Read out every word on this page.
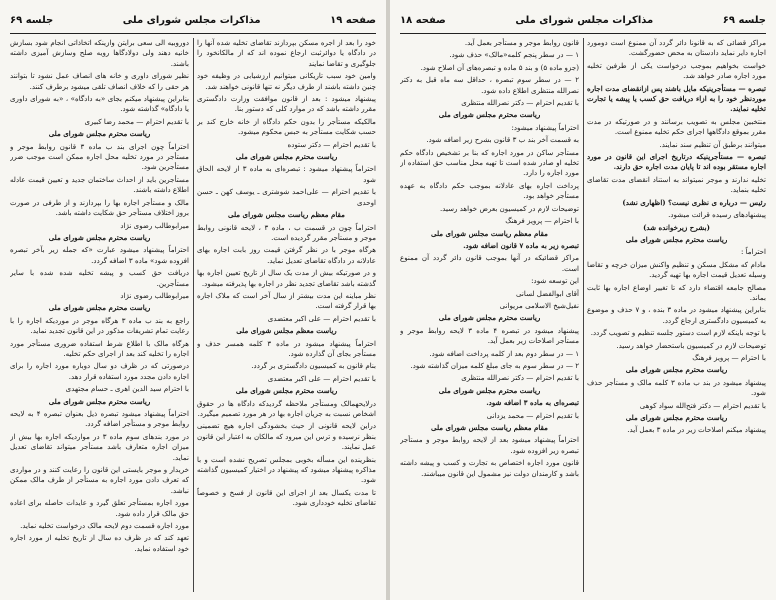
صفحه ۱۹
مذاکرات مجلس شورای ملی
جلسه ۶۹

خود را بعد از اجره مسکن بپردازند تقاضای تخلیه شده آنها را در دادگاه یا دوائرثبت ارجاع نموده اند که از مالکانخود را جلوگیری و تقاضا نمایند

وامین خود سبب تاریکانی میتوانیم ارزشیابی در وظیفه خود چنین داشته باشند از طرف دیگر نه تنها قانونی خواهند شد.

پیشنهاد میشود : بعد از قانون موافقت وزارت دادگستری مقرر داشته باشد که در موارد کلی که دستور بنا.

مالکیکه مستأجر را بدون حکم دادگاه از خانه خارج کند بر حسب شکایت مستأجر به حبس محکوم میشود.

با تقدیم احترام — دکتر ستوده

ریاست محترم مجلس شورای ملی

احتراماً پیشنهاد میشود : تبصره‌ای به ماده ۳ از لایحه الحاق شود

با تقدیم احترام — علی‌احمد شوشتری ـ یوسف کهن ـ حسن اوحدی

مقام معظم ریاست مجلس شورای ملی

احتراماً چون در قسمت ب ، ماده ۳ ، لایحه قانونی روابط موجر و مستأجر مقرر گردیده است.

هرگاه موجر با در نظر گرفتن قیمت روز بابت اجاره بهای عادلانه در دادگاه تقاضای تعدیل نماید.

و در صورتیکه بیش از مدت یک سال از تاریخ تعیین اجاره بها گذشته باشد تقاضای تجدید نظر در اجاره بها پذیرفته میشود.

نظر مباینه این مدت بیشتر از سال آخر است که ملاک اجاره بها قرار گرفته است.

با تقدیم احترام — علی اکبر معتضدی

ریاست معظم مجلس شورای ملی

احتراماً پیشنهاد میشود در ماده ۳ کلمه همسر حذف و مستأجر بجای آن گذارده شود.

بنام قانون به کمیسیون دادگستری بر گردد.

با تقدیم احترام — علی اکبر معتضدی

ریاست محترم مجلس شورای ملی

درلایحهمالک ومستأجر ملاحظه گردیدکه دادگاه ها در حقوق اشخاص نسبت به جریان اجاره بها در هر مورد تصمیم میگیرد.

دراین لایحه قانونی از حیث بخشودگی اجاره هیچ تضمینی بنظر نرسیده و ترس این میرود که مالکان به اعتبار این قانون عمل نمایند.

بنظرینده این مسأله بخوبی بمجلس تصریح نشده است و با مذاکره پیشنهاد میشود که پیشنهاد در اختیار کمیسیون گذاشته شود.

تا مدت یکسال بعد از اجرای این قانون از فسخ و خصوصاً تقاضای تخلیه خودداری شود.

دوروبیه الی سعی برایتن وازینکه اتخاذاتی انجام شود بسازش خانیه دهند ولی دولادگاها رویه صلح وسازش آمیزی داشته باشند.

نظیر شورای داوری و خانه های انصاف عمل نشود تا بتوانند هر حقی را که خلاف انصاف تلقی میشود برطرف کنند.

بنابراین پیشنهاد میکنم بجای «به دادگاه» ، «به شورای داوری یا دادگاه» گذاشته شود.

با تقدیم احترام — محمد رضا کبیری

ریاست محترم مجلس شورای ملی

احتراماً چون اجرای بند ب ماده ۳ قانون روابط موجر و مستأجر در مورد تخلیه محل اجاره ممکن است موجب ضرر مستأجرین شود.

مستأجرین باید از احداث ساختمان جدید و تعیین قیمت عادله اطلاع داشته باشند.

مالک و مستأجر اجاره بها را بپردازند و از طرفی در صورت بروز اختلاف مستأجر حق شکایت داشته باشد.

میرابوطالب رضوی نژاد

ریاست محترم مجلس شورای ملی

احتراماً پیشنهاد میشود عبارت «که جمله زیر بآخر تبصره افزوده شود» ماده ۳ اضافه گردد.

دریافت حق کسب و پیشه تخلیه شده شده با سایر مستأجرین.

میرابوطالب رضوی نژاد

ریاست محترم مجلس شورای ملی

راجع به بند ب ماده ۳ هرگاه موجر در موردیکه اجاره را با رعایت تمام تشریفات مذکور در این قانون تجدید نماید.

هرگاه مالک با اطلاع شرط استفاده ضروری مستأجر مورد اجاره را تخلیه کند بعد از اجرای حکم تخلیه.

درصورتی که در ظرف دو سال دوباره مورد اجاره را برای اجاره دادن مجدد مورد استفاده قرار دهد.

با احترام سید الدین اهری ـ حسام مجتهدی

ریاست محترم مجلس شورای ملی

احتراماً پیشنهاد میشود تبصره ذیل بعنوان تبصره ۴ به لایحه روابط موجر و مستأجر اضافه گردد.

در مورد بندهای سوم ماده ۳ در مواردیکه اجاره بها بیش از میزان اجاره متعارف باشد مستأجر میتواند تقاضای تعدیل نماید.

خریدار و موجر بایستی این قانون را رعایت کنند و در مواردی که تعرف دادن مورد اجاره به مستأجر از طرف مالک ممکن نباشد.

مورد اجاره بمستأجر تعلق گیرد و عایدات حاصله برای اعاده حق مالک قرار داده شود.

مورد اجاره قسمت دوم لایحه مالک درخواست تخلیه نماید.

تعهد کند که در ظرف ده سال از تاریخ تخلیه از مورد اجاره خود استفاده نماید.

جلسه ۶۹
مذاکرات مجلس شورای ملی
صفحه ۱۸

مراکز قضائی که به قانونا دائر گردد آن ممنوع است دومورد اجاره دایر نماید دادستان به محض حضورگشت.

خواست بخواهیم بموجب درخواست یکی از طرفین تخلیه مورد اجاره صادر خواهد شد.

تبصره — مستأجرینیکه مایل باشند پس ازانقضای مدت اجاره موردنظر خود را به ازاء دریافت حق کسب یا پیشه یا تجارت تخلیه نمایند.

منتخبین مجلس به تصویب برسانند و در صورتیکه در مدت مقرر بموقع دادگاهها اجرای حکم تخلیه ممنوع است.

میتوانند برطبق آن تنظیم سند نمایند.

تبصره — مستأجرینیکه درتاریخ اجرای این قانون در مورد اجاره مستقر بوده اند تا پایان مدت اجاره حق دارند.

تخلیه ندارند و موجر نمیتواند به استناد انقضای مدت تقاضای تخلیه بنماید.

رئیس — درباره ی نظری نیست؟ (اظهاری نشد)

پیشنهادهای رسیده قرائت میشود.

(بشرح زیرخوانده شد)

ریاست محترم مجلس شورای ملی

احتراماً :

مادام که مشکل مسکن و تنظیم واکنش میزان خرچه و تقاضا وسیله تعدیل قیمت اجاره بها تهیه گردید.

مصالح جامعه اقتضاء دارد که تا تغییر اوضاع اجاره بها ثابت بماند.

بنابراین پیشنهاد میشود در ماده ۳ بنده ، و ۷ حذف و موضوع به کمیسیون دادگستری ارجاع گردد.

با توجه باینکه لازم است دستور جلسه تنظیم و تصویب گردد.

توضیحات لازم در کمیسیون باستحضار خواهد رسید.

با احترام — پرویز فرهنگ

ریاست محترم مجلس شورای ملی

پیشنهاد میشود در بند ب ماده ۳ کلمه مالک و مستأجر حذف شود.

با تقدیم احترام — دکتر فتح‌الله سواد کوهی

ریاست محترم مجلس شورای ملی

پیشنهاد میکنم اصلاحات زیر در ماده ۳ بعمل آید.

قانون روابط موجر و مستأجر بعمل آید.

۱ — در سطر پنجم کلمه«مالک» حذف شود.

(جزو ماده ۵) و بند ۵ ماده و تبصره‌های آن اصلاح شود.

۲ — در سطر سوم تبصره ، حداقل سه ماه قبل به دکتر نصرالله منتظری اطلاع داده شود.

با تقدیم احترام — دکتر نصرالله منتظری

ریاست محترم مجلس شورای ملی

احتراماً پیشنهاد میشود:

به قسمت آخر بند ب ۳ قانون بشرح زیر اضافه شود.

مستأجر ساکن در مورد اجاره که بنا بر تشخیص دادگاه حکم تخلیه او صادر شده است تا تهیه محل مناسب حق استفاده از مورد اجاره را دارد.

پرداخت اجاره بهای عادلانه بموجب حکم دادگاه به عهده مستأجر خواهد بود.

توضیحات لازم در کمیسیون بعرض خواهد رسید.

با احترام — پرویز فرهنگ

مقام معظم ریاست مجلس شورای ملی

تبصره زیر به ماده ۷ قانون اضافه شود.

مراکز قضائیکه در آنها بموجب قانون دائر گردد آن ممنوع است.

این توسعه شود:

آقای ابوالفضل لسانی

نفیل‌شیخ الاسلامی مریوانی

ریاست محترم مجلس شورای ملی

پیشنهاد میشود در تبصره ۴ ماده ۳ لایحه روابط موجر و مستأجر اصلاحات زیر بعمل آید.

۱ — در سطر دوم بعد از کلمه پرداخت اضافه شود.

۲ — در سطر سوم به جای مبلغ کلمه میزان گذاشته شود.

با تقدیم احترام — دکتر نصرالله منتظری

ریاست محترم مجلس شورای ملی

تبصره‌ای به ماده ۳ اضافه شود.

با تقدیم احترام — محمد یزدانی

مقام معظم ریاست مجلس شورای ملی

احتراماً پیشنهاد میشود بعد از لایحه روابط موجر و مستأجر تبصره زیر افزوده شود.

قانون مورد اجاره اختصاص به تجارت و کسب و پیشه داشته باشد و کارمندان دولت نیز مشمول این قانون میباشند.
